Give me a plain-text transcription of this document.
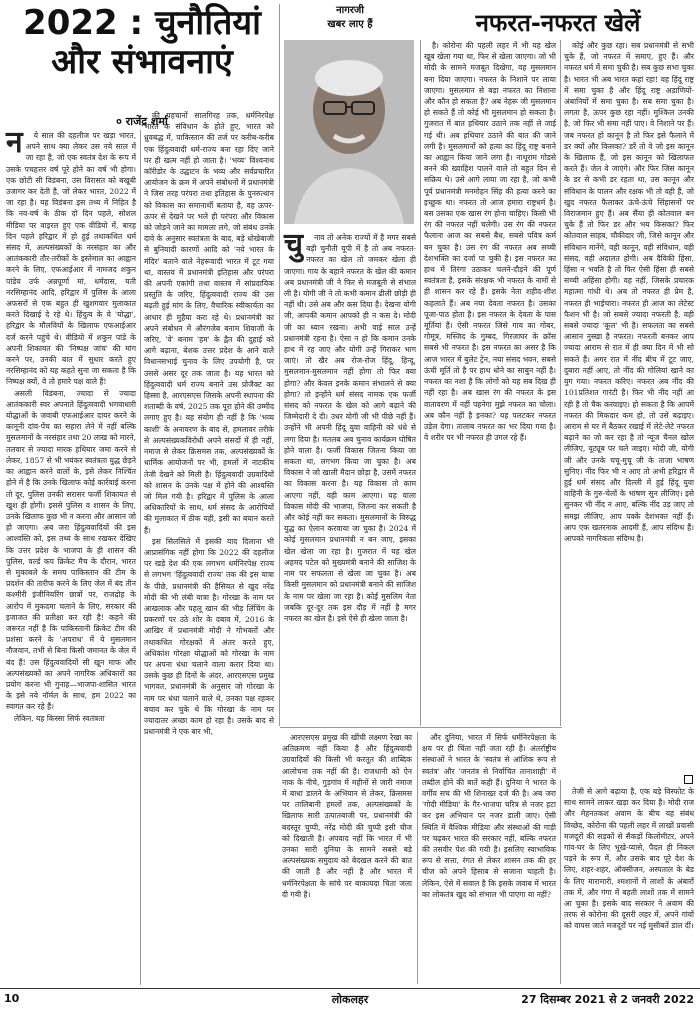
2022 : चुनौतियां
और संभावनाएं
० राजेंद्र शर्मा
न	ये साल की दहलीज पर खड़ा भारत, अपने साथ क्या लेकर उस नये साल में जा रहा है, जो एक स्वतंत्र देश के रूप में उसके पचहत्तर वर्ष पूरे होने का वर्ष भी होगा। एक छोटी सी विडंबना, उस विरासत को बखूबी उजागर कर देती है, जो लेकर भारत, 2022 में जा रहा है। यह विडंबना इस तथ्य में निहित है कि नव-वर्ष के ठीक दो दिन पहले, सोशल मीडिया पर वाइरल हुए एक वीडियो में, बारह दिन पहले हरिद्वार में हो हुई तथाकथित धर्म संसद में, अल्पसंख्यकों के नरसंहार का और आतंककारी तौर-तरीकों के इस्तेमाल का आह्वान करने के लिए, एफआईआर में नामजद शकुन पांडेय उर्फ अन्नपूर्णा मां, धर्मदास, यती नरसिम्हानंद आदि, हरिद्वार में पुलिस के आला अफसरों से एक बहुत ही खुशगवार मुलाकात करते दिखाई दे रहे थे। हिंदुत्व के ये 'योद्धा', हरिद्वार के मौलवियों के खिलाफ एफआईआर दर्ज करने पहुंचे थे। वीडियो में शकुन पांडे के अपनी शिकायत की 'निष्पक्ष जांच' की मांग करने पर, उनकी बात में सुधार करते हुए नरसिम्हानंद को यह कहते सुना जा सकता है कि निष्पक्ष क्यों, वे तो हमारे पक्ष वाले हैं!

असली विडंबना, ज्यादा से ज्यादा आतंककारी स्वर अपनाते हिंदुत्ववादी भगवाधारी योद्धाओं के जवाबी एफआईआर दायर करने के कानूनी दांव-पेंच का सहारा लेने में नहीं बल्कि मुसलमानों के नरसंहार तथा 20 लाख को मारने, तलवार से ज्यादा मारक हथियार जमा करने से लेकर, 1857 से भी भयंकर स्वतंत्रता युद्ध छेड़ने का आह्वान करने वालों के, इसे लेकर निश्चिंत होने में है कि उनके खिलाफ कोई कार्रवाई करना तो दूर, पुलिस उनकी सरासर फर्जी शिकायत से खुश ही होगी। इससे पुलिस व शासन के लिए, उनके खिलाफ कुछ भी न करना और आसान जो हो जाएगा। अब जरा हिंदुत्ववादियों की इस आश्वस्ति को, इस तथ्य के साथ रखकर देखिए कि उत्तर प्रदेश के भाजपा के ही शासन की पुलिस, वर्ल्ड कप क्रिकेट मैच के दौरान, भारत से मुकाबले के समय पाकिस्तान की टीम के प्रदर्शन की तारीफ करने के लिए जेल में बंद तीन कश्मीरी इंजीनियरिंग छात्रों पर, राजद्रोह के आरोप में मुकदमा चलाने के लिए, सरकार की इजाजत की प्रतीक्षा कर रही है! कहने की जरूरत नहीं है कि पाकिस्तानी क्रिकेट टीम की प्रशंसा करने के 'अपराध' में ये मुसलमान नौजवान, तभी से बिना किसी जमानत के जेल में बंद हैं! उस हिंदुत्ववादियों सी खून माफ और अल्पसंख्यकों का अपने नागरिक अधिकारों का प्रयोग करना भी गुनाह—भाजपा-शासित भारत के इसे नये नॉर्मल के साथ, हम 2022 का स्वागत कर रहे हैं।

लेकिन, यह किस्सा सिर्फ स्वतंत्रता

की पहचानों सालगिरह तक, धर्मनिरपेक्ष भारत के संविधान के होते हुए, भारत को ध्रुवबद्ध में, पाकिस्तान की तर्ज पर करीब-करीब एक हिंदुत्ववादी धर्म-राज्य बना रहा दिए जाने पर ही खत्म नहीं हो जाता है। 'भव्य' विश्वनाथ कॉरीडोर के उद्घाटन के भव्य और सर्वप्रचारित आयोजन के क्रम में अपने संबोधनों में प्रधानमंत्री ने जिस तरह परंपरा तथा इतिहास के पुनरुत्थान को विकास का समानार्थी बताया है, वह ऊपर-ऊपर से देखने पर भले ही परंपरा और विकास को जोड़ने जाने का मामला लगे, जो संबंध उनके दावे के अनुसार स्वतंत्रता के बाद, बड़े धोखेबाजी से बुनियादी कारणों आदि को 'नये भारत के मंदिर' बताने वाले नेहरूवादी भारत में टूट गया था, वास्तव में प्रधानमंत्री इतिहास और परंपरा की अपनी एकांगी तथा वास्तव में सांप्रदायिक प्रस्तुति के जरिए, हिंदुत्ववादी राज्य की उस बढ़ती हुई मांग के लिए, वैचारिक स्वीकार्यता का आधार ही मुहैया करा रहे थे। प्रधानमंत्री का अपने संबोधन में औरंगजेब बनाम शिवाजी के जरिए, 'वे' बनाम 'हम' के द्वैत की दुहाई को आगे बढ़ाना, बेशक उत्तर प्रदेश के आने वाले विधानसभाई चुनाव के लिए उपयोगी है, पर उससे असर दूर तक जाता है। यह भारत को हिंदुत्ववादी धर्म राज्य बनाने उस प्रोजैक्ट का हिस्सा है, आरएसएस जिसके अपनी स्थापना की शताब्दी के वर्ष, 2025 तक पूरा होने की उम्मीद लगाए हुए है। यह संयोग ही नहीं है कि 'भव्य काशी' के अनावरण के बाद से, हमलावर तरीके से अल्पसंख्यकविरोधी अपने संसदों में ही नहीं, नमाज से लेकर क्रिसमस तक, अल्पसंख्यकों के धार्मिक आयोजनों पर भी, हमलों में नाटकीय तेजी देखने को मिली है। हिंदुत्ववादी उग्रवादियों को शासन के उनके पक्ष में होने की आश्वस्ति जो मिल गयी है। हरिद्वार में पुलिस के आला अधिकारियों के साथ, धर्म संसद के आरोपियों की मुलाकात में ठीक यही, इसी का बयान करते हैं।

इस सिलसिले में इसकी याद दिलाना भी आप्रासंगिक नहीं होगा कि 2022 की दहलीज पर खड़े देश की एक लगभग धर्मनिरपेक्ष राज्य से लगभग 'हिंदुत्ववादी राज्य' तक की इस यात्रा के पीछे, प्रधानमंत्री की हैसियत से खुद नरेंद्र मोदी की भी लंबी यात्रा है। गोरखा के नाम पर आखलाक और पहलू खान की भीड़ लिंचिंग के प्रकरणों पर उठे शोर के दबाव में, 2016 के आखिर में प्रधानमंत्री मोदी ने गोभक्तों और तथाकथित गोरक्षकों में अंतर करते हुए, अधिकांश गोरक्षा योद्धाओं को गोरखा के नाम पर अपना धंधा चलाने वाला करार दिया था। उसके कुछ ही दिनों के अंदर, आरएसएस प्रमुख भागवत, प्रधानमंत्री के अनुसार जो गोरखा के नाम पर धंधा चलाने वाले थे, उनका पक्ष रहकर बचाव कर चुके थे कि गोरखा के नाम पर ज्यादातर अच्छा काम हो रहा है। उसके बाद से प्रधानमंत्री ने एक बार भी,

नागरजी
खबर लाए हैं	नफरत-नफरत खेलें
चु	नाव तो अनेक राज्यों में है मगर सबसे बड़ी चुनौती यूपी में है तो अब नफरत-नफरत का खेल तो जमकर खेला ही जाएगा। गाय के बहाने नफरत के खेल की कमान अब प्रधानमंत्री जी ने फिर से मजबूती से संभाल ली है। योगी जी ने तो कभी कमान ढीली छोड़ी ही नहीं थी। उसे अब और कस दिया है। देखना योगी जी, आपकी कमान आपको ही न कस दे। मोदी जी का ध्यान रखना। अभी वाई साल उन्हें प्रधानमंत्री रहना है। ऐसा न हो कि कमान उनके हाथ में रह जाए और योगी उन्हें गिराकर भाग जाएं। तो खैर अब रोज-रोज हिंदू, हिन्दू, मुसलमान-मुसलमान नहीं होगा तो फिर क्या होगा? और केवल इनके कमान संभालने से क्या होगा? तो इन्होंने धर्म संसद नामक एक फर्जी संसद को नफरत के खेल को आगे बढ़ाने की जिम्मेदारी दे दी। उधर योगी जी भी पीछे नहीं हैं। उन्होंने भी अपनी हिंदू युवा वाहिनी को धंधे से लगा दिया है। मतलब अब चुनाव कार्यक्रम घोषित होने वाला है। फर्जी विकास जितना किया जा सकता था, लगभग किया जा चुका है। अब विकास ने जो खाली मैदान छोड़ा है, उसमें नफरत का विकास करना है। यह विकास तो काम आएगा नहीं, वही काम आएगा। यह वाला विकास मोदी की भाजपा, जितना कर सकती है और कोई नहीं कर सकता। मुसलमानों के विरुद्ध युद्ध का ऐलान करवाया जा चुका है। 2024 में कोई मुसलमान प्रधानमंत्री न बन जाए, इसका खेल खेला जा रहा है। गुजरात में यह खेल अहमद पटेल को मुख्यमंत्री बनाने की साजिश के नाम पर सफलता से खेला जा चुका है। अब किसी मुसलमान को प्रधानमंत्री बनाने की साजिश के नाम पर खेला जा रहा है। कोई मुसलिम नेता जबकि दूर-दूर तक इस दौड़ में नहीं है मगर नफरत का खेल है। इसे ऐसे ही खेला जाता है।

है। कोरोना की पहली लहर में भी यह खेल खूब खेला गया था, फिर से खेला जाएगा। जो भी मोदी के सामने मजबूत दिखेगा, वह मुसलमान बना दिया जाएगा। नफरत के निशाने पर लाया जाएगा। मुसलमान से बड़ा नफरत का निशाना और कौन हो सकता है? अब नेहरू जी मुसलमान हो सकते हैं तो कोई भी मुसलमान हो सकता है। गुजरात में बात हथियार उठाने तक नहीं ले जाई गई थी। अब हथियार उठाने की बात की जाने लगी है। मुसलमानों को हत्या का हिंदू राष्ट्र बनाने का आह्वान किया जाने लगा है। नाथूराम गोडसे बनने की ख्वाहिश पालने वाले तो बहुत दिन से सक्रिय थे। उसे आगे लाया जा रहा है, जो कभी पूर्व प्रधानमंत्री मनमोहन सिंह की हत्या करने का इच्छुक था। नफरत तो आज हमारा राष्ट्रधर्म है। बस उसका एक खास रंग होना चाहिए। किसी भी रंग की नफरत नहीं चलेगी। उस रंग की नफरत फैलाना आज का सबसे बैध, सबसे पवित्र कर्म बन चुका है। उस रंग की नफरत अब सच्ची देशभक्ति का दर्जा पा चुकी है। इस नफरत का हाथ में तिरंगा उठाकर चलने-दौड़ने की पूर्ण स्वतंत्रता है, इसके संरक्षक भी नफरत के नामों से ही शासन कर रहे हैं। इसके नेता शहीद-शीश कहलाते हैं। अब नया देवता नफरत है। उसका पूजा-पाठ होता है। इस नफरत के देवता के पास मूर्तियां हैं। ऐसी नफरत जिसे गाय का गोबर, गोमूत्र, मस्जिद के गुम्बद, गिरजाघर के क्रॉस सबसे भी नफरत है। इस नफरत का असर है कि आज भारत में बुलेट ट्रेन, नया संसद भवन, सबसे ऊंची मूर्ति तो है पर हाथ धोने का साबुन नहीं है। नफरत का नशा है कि लोगों को यह सब दिख ही नहीं रहा है। अब खास रंग की नफरत के इस वातावरण में नहीं पहनेगा मुझे नफरत का चोला। अब कौन नहीं है इनका? यह पलटकर नफरत उड़ेल देगा। तालाब नफरत का भर दिया गया है। वे शरीर पर भी नफरत ही उगल रहे हैं।

कोई और कुछ रहा। सब प्रधानमंत्री से सभी चुके हैं, जो नफरत में समाए, हुए हैं। और नफरत धर्म में समा चुकी है। सब कुछ सभा चुका है। भारत भी अब भारत कहां रहा! वह हिंदू राष्ट्र में समा चुका है और हिंदू राष्ट्र अडाणियों-अंबानियों में समा चुका है। सब समा चुका है। लगता है, ऊपर कुछ रहा नहीं। मुश्किल उनकी है, जो फिर भी समा नहीं पाए। वे निशाने पर हैं। जब नफरत हो कानून है तो फिर इसे फैलाने में डर क्यों और किसका? डरें तो वे जो इस कानून के खिलाफ हैं, जो इस कानून को खिलाफत करते हैं। जेल वे जाएंगे। और फिर जिस कानून के डर से कभी डर रहता था, उस कानून और संविधान के पालन और रक्षक भी तो वही हैं, जो खुद नफरत फैलाकर ऊंचे-ऊंचे सिंहासनों पर विराजमान हुए हैं। अब सैंया ही कोतवाल बन चुके हैं तो फिर डर और भय किसका? फिर कोतवाल साहब, चौकीदार जी, जिसे कानून और संविधान मानेंगे, वही कानून, वही संविधान, वही संसद, वही अदालत होगी। अब दैविकी हिंसा, हिंसा न भवति है तो फिर ऐसी हिंसा ही सबसे सच्ची अहिंसा होगी। वह नहीं, जिसके प्रचारक महात्मा गांधी थे। अब तो नफरत ही प्रेम है, नफरत ही भाईचारा। नफरत ही आज का लेटेस्ट फैशन भी है। जो सबसे ज्यादा नफरती है, वही सबसे ज्यादा 'कूल' भी है। सफलता का सबसे आसान नुस्खा है नफरत। नफरती बनकर आप ज्यादा आराम से रात में ही क्या दिन में भी सो सकते हैं। अगर रात में नींद बीच में टूट जाए, दुबारा नहीं आए, तो नींद की गोलियां खाने का युग गया। नफरत करिए। नफरत अब नींद की 101प्रतिशत गारंटी है। फिर भी नींद नहीं आ रही है तो चैक करवाइए। हो सकता है कि आपमें नफरत की मिकदार कम हो, तो उसे बढ़ाइए। आराम से घर में बैठकर रखाई में लेटे-लेटे नफरत बढ़ाने का जो कर रहा है तो न्यूज चैनल खोल लीजिए, यूट्यूब पर चले जाइए। मोदी जी, योगी जी और उनके चचू-मुचू जी के ताजा भाषण सुनिए। नींद फिर भी न आए तो अभी हरिद्वार में हुई धर्म संसद और दिल्ली में हुई हिंदू युवा वाहिनी के गुरु-चेलों के भाषण सुन लीजिए। इसे सुनकर भी नींद न आए, बल्कि नींद उड़ जाए तो समझ लीजिए, आप पक्के देशभक्त नहीं हैं। आप एक खतरनाक आदमी हैं, आप संदिग्ध हैं। आपको नागरिकता संदिग्ध है।

आरएसएस प्रमुख की खींची लक्ष्मण रेखा का अतिक्रमण नहीं किया है और हिंदुत्ववादी उग्रवादियों की किसी भी करतूत की शाब्दिक आलोचना तक नहीं की है। राजधानी को ऐन नाक के नीचे, गुड़गांव में महीनों से जारी नमाज में बाधा डालने के अभियान से लेकर, क्रिसमस पर तालिबानी हमलों तक, अल्पसंख्यकों के खिलाफ सारी उत्पातबाजी पर, प्रधानमंत्री की बदस्तूर चुप्पी, नरेंद्र मोदी की चुप्पी इसी चीज को दिखाती है। अपवाद नहीं कि भारत में भी उनका सारी दुनिया के सामने सबसे बड़े अल्पसंख्यक समुदाय को बेदखल करने की बात की जाती है और नहीं है और भारत में धर्मनिरपेक्षता के सांचे पर बाकायदा चिता जला दी गयी है।

और दुनिया, भारत में सिर्फ धर्मनिरपेक्षता के क्षय पर ही चिंता नहीं जता रही है। अंतर्राष्ट्रीय संस्थाओं ने भारत के 'स्वतंत्र से आंशिक रूप से स्वतंत्र' और 'जनतंत्र से निर्वाचित तानाशाही' में तब्दील होने की बातें कही हैं। दुनिया ने भारत के वर्गीय सच की भी शिनाख्त दर्ज की है। अब जरा 'गोदी मीडिया' के गैर-भाजपा चरित्र से नजर हटा कर इस अभियान पर नजर डाली जाए। ऐसी स्थिति में वैश्विक मीडिया और संस्थाओं की गाड़ी पर चढ़कर भारत की सरकार नहीं, बल्कि नफरत की तसवीर पेश की गयी है। इसलिए स्वाभाविक रूप से सत्ता, रंगत से लेकर शासन तक की हर चीज को अपने हिसाब से सजाना चाहती है। लेकिन, ऐसे में सवाल है कि इसके जवाब में भारत का लोकतंत्र खुद को संभाल भी पाएगा या नहीं?

तेजी से आगे बढ़ाया है, एक बड़े विस्फोट के साथ सामने लाकर खड़ा कर दिया है। मोदी राज और मेहनतकश अवाम के बीच यह संबंध विच्छेद, कोरोना की पहली लहर में लाखों प्रवासी मजदूरों की सड़कों से सैकड़ों किलोमीटर, अपने गांव-घर के लिए भूखे-प्यासे, पैदल ही निकल पड़ने के रूप में, और उसके बाद पूरे देश के लिए, शहर-शहर, ऑक्सीजन, अस्पताल के बेड के लिए मारामारी, श्मशानों में लाशों के अंबारों तक में, और गंगा में बहती लाशों तक में सामने आ चुका है। इसके बाद सरकार ने अवाम की तरफ से कोरोना की दूसरी लहर में, अपने गांवों को वापस जाते मजदूरों पर नई मुसीबतें डाल दीं।

10	लोकलहर	27 दिसम्बर 2021 से 2 जनवरी 2022
